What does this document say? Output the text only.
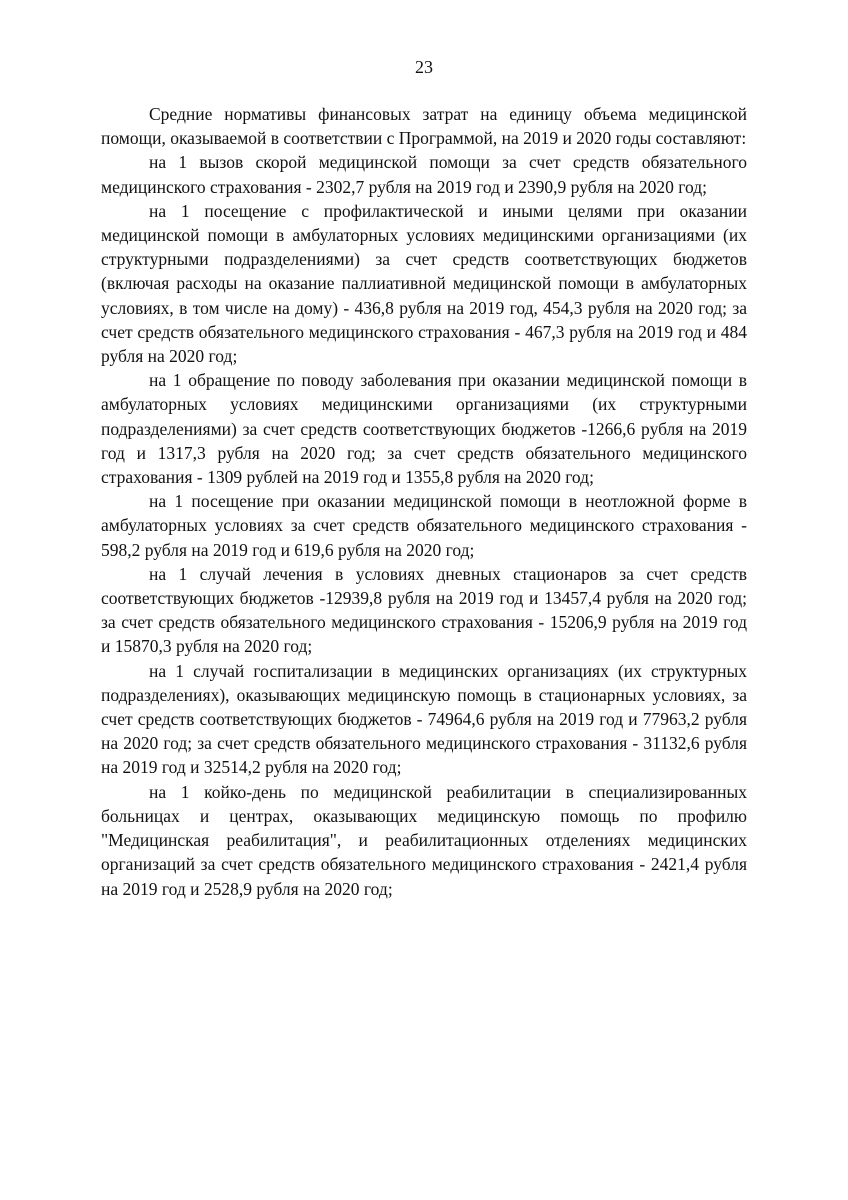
23

Средние нормативы финансовых затрат на единицу объема медицинской помощи, оказываемой в соответствии с Программой, на 2019 и 2020 годы составляют:

на 1 вызов скорой медицинской помощи за счет средств обязательного медицинского страхования - 2302,7 рубля на 2019 год и 2390,9 рубля на 2020 год;

на 1 посещение с профилактической и иными целями при оказании медицинской помощи в амбулаторных условиях медицинскими организациями (их структурными подразделениями) за счет средств соответствующих бюджетов (включая расходы на оказание паллиативной медицинской помощи в амбулаторных условиях, в том числе на дому) - 436,8 рубля на 2019 год, 454,3 рубля на 2020 год; за счет средств обязательного медицинского страхования - 467,3 рубля на 2019 год и 484 рубля на 2020 год;

на 1 обращение по поводу заболевания при оказании медицинской помощи в амбулаторных условиях медицинскими организациями (их структурными подразделениями) за счет средств соответствующих бюджетов -1266,6 рубля на 2019 год и 1317,3 рубля на 2020 год; за счет средств обязательного медицинского страхования - 1309 рублей на 2019 год и 1355,8 рубля на 2020 год;

на 1 посещение при оказании медицинской помощи в неотложной форме в амбулаторных условиях за счет средств обязательного медицинского страхования - 598,2 рубля на 2019 год и 619,6 рубля на 2020 год;

на 1 случай лечения в условиях дневных стационаров за счет средств соответствующих бюджетов -12939,8 рубля на 2019 год и 13457,4 рубля на 2020 год; за счет средств обязательного медицинского страхования - 15206,9 рубля на 2019 год и 15870,3 рубля на 2020 год;

на 1 случай госпитализации в медицинских организациях (их структурных подразделениях), оказывающих медицинскую помощь в стационарных условиях, за счет средств соответствующих бюджетов - 74964,6 рубля на 2019 год и 77963,2 рубля на 2020 год; за счет средств обязательного медицинского страхования - 31132,6 рубля на 2019 год и 32514,2 рубля на 2020 год;

на 1 койко-день по медицинской реабилитации в специализированных больницах и центрах, оказывающих медицинскую помощь по профилю "Медицинская реабилитация", и реабилитационных отделениях медицинских организаций за счет средств обязательного медицинского страхования - 2421,4 рубля на 2019 год и 2528,9 рубля на 2020 год;
